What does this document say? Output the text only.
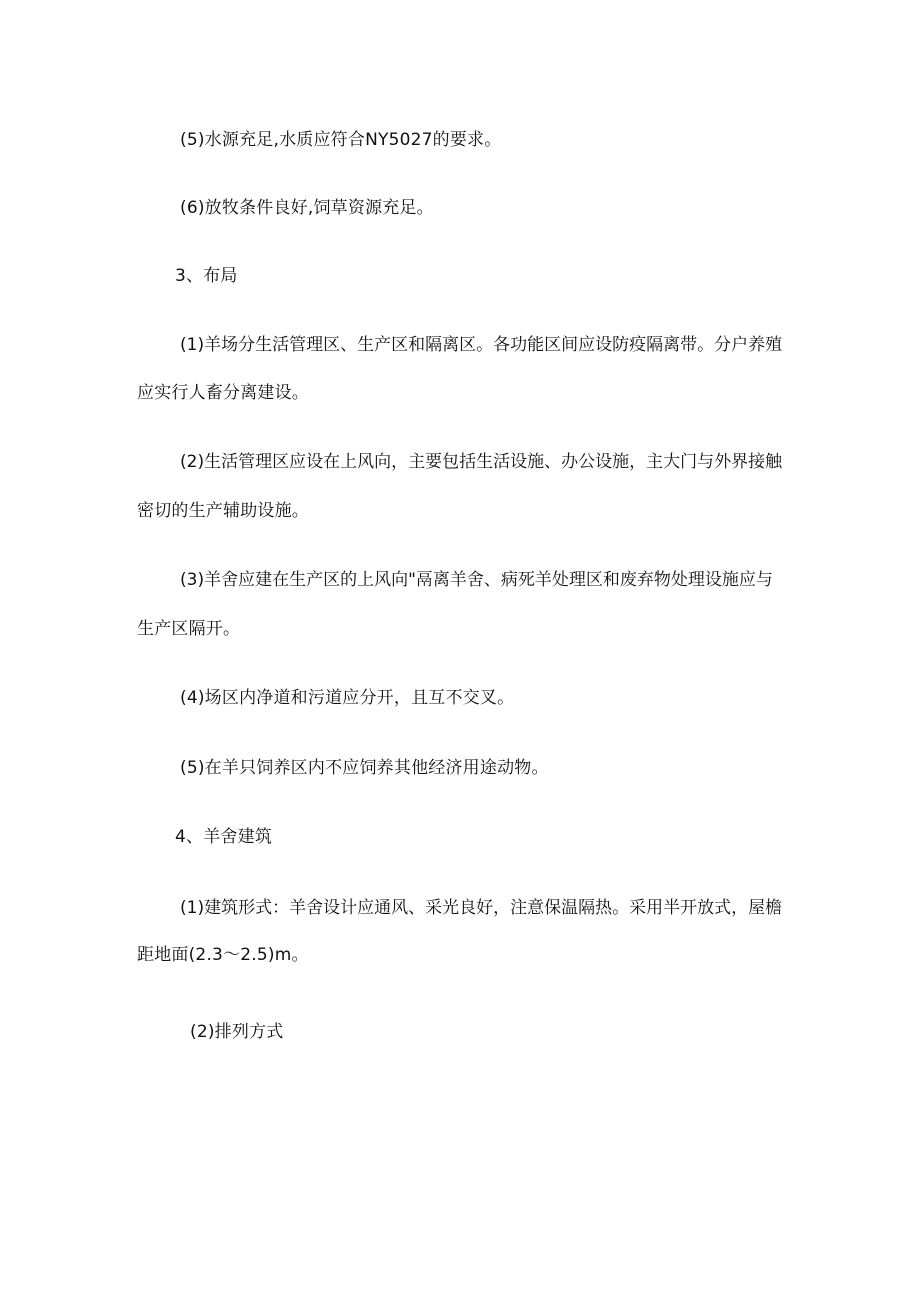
(5)水源充足,水质应符合NY5027的要求。
(6)放牧条件良好,饲草资源充足。
3、布局
(1)羊场分生活管理区、生产区和隔离区。各功能区间应设防疫隔离带。分户养殖
应实行人畜分离建设。
(2)生活管理区应设在上风向，主要包括生活设施、办公设施，主大门与外界接触
密切的生产辅助设施。
(3)羊舍应建在生产区的上风向"鬲离羊舍、病死羊处理区和废弃物处理设施应与
生产区隔开。
(4)场区内净道和污道应分开，且互不交叉。
(5)在羊只饲养区内不应饲养其他经济用途动物。
4、羊舍建筑
(1)建筑形式：羊舍设计应通风、采光良好，注意保温隔热。采用半开放式，屋檐
距地面(2.3～2.5)m。
(2)排列方式
